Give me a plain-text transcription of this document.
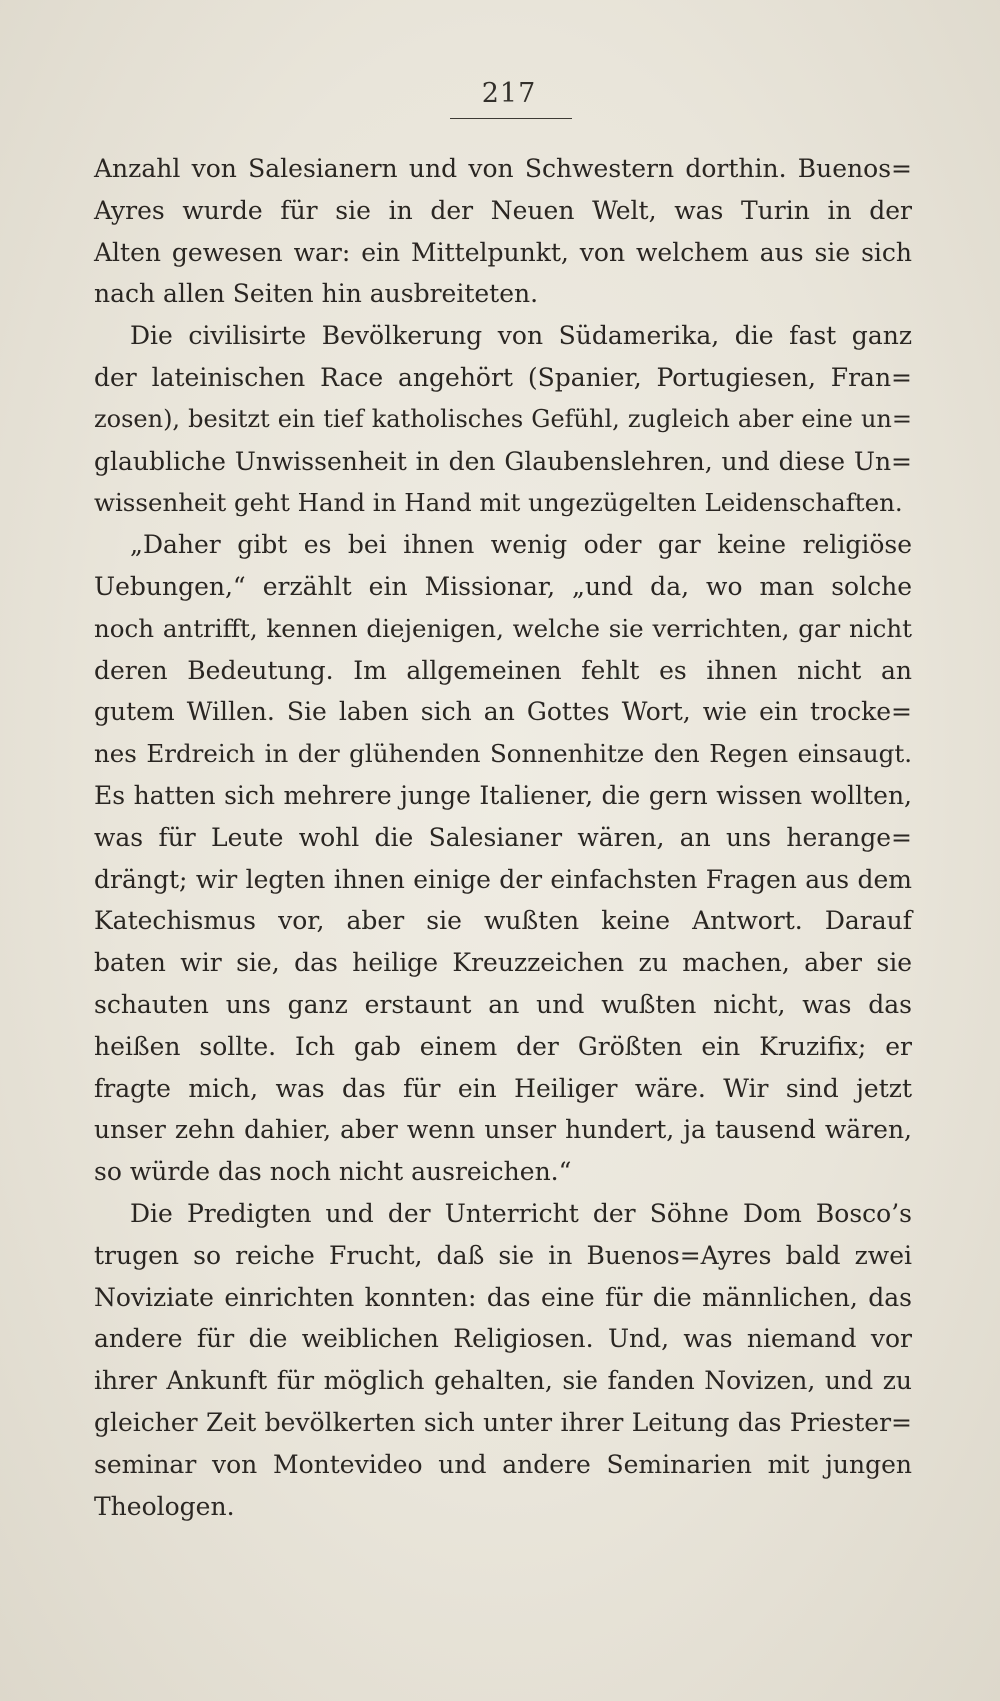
217
Anzahl von Salesianern und von Schwestern dorthin. Buenos=
Ayres wurde für sie in der Neuen Welt, was Turin in der
Alten gewesen war: ein Mittelpunkt, von welchem aus sie sich
nach allen Seiten hin ausbreiteten.
Die civilisirte Bevölkerung von Südamerika, die fast ganz
der lateinischen Race angehört (Spanier, Portugiesen, Fran=
zosen), besitzt ein tief katholisches Gefühl, zugleich aber eine un=
glaubliche Unwissenheit in den Glaubenslehren, und diese Un=
wissenheit geht Hand in Hand mit ungezügelten Leidenschaften.
„Daher gibt es bei ihnen wenig oder gar keine religiöse
Uebungen,“ erzählt ein Missionar, „und da, wo man solche
noch antrifft, kennen diejenigen, welche sie verrichten, gar nicht
deren Bedeutung. Im allgemeinen fehlt es ihnen nicht an
gutem Willen. Sie laben sich an Gottes Wort, wie ein trocke=
nes Erdreich in der glühenden Sonnenhitze den Regen einsaugt.
Es hatten sich mehrere junge Italiener, die gern wissen wollten,
was für Leute wohl die Salesianer wären, an uns herange=
drängt; wir legten ihnen einige der einfachsten Fragen aus dem
Katechismus vor, aber sie wußten keine Antwort. Darauf
baten wir sie, das heilige Kreuzzeichen zu machen, aber sie
schauten uns ganz erstaunt an und wußten nicht, was das
heißen sollte. Ich gab einem der Größten ein Kruzifix; er
fragte mich, was das für ein Heiliger wäre. Wir sind jetzt
unser zehn dahier, aber wenn unser hundert, ja tausend wären,
so würde das noch nicht ausreichen.“
Die Predigten und der Unterricht der Söhne Dom Bosco’s
trugen so reiche Frucht, daß sie in Buenos=Ayres bald zwei
Noviziate einrichten konnten: das eine für die männlichen, das
andere für die weiblichen Religiosen. Und, was niemand vor
ihrer Ankunft für möglich gehalten, sie fanden Novizen, und zu
gleicher Zeit bevölkerten sich unter ihrer Leitung das Priester=
seminar von Montevideo und andere Seminarien mit jungen
Theologen.
